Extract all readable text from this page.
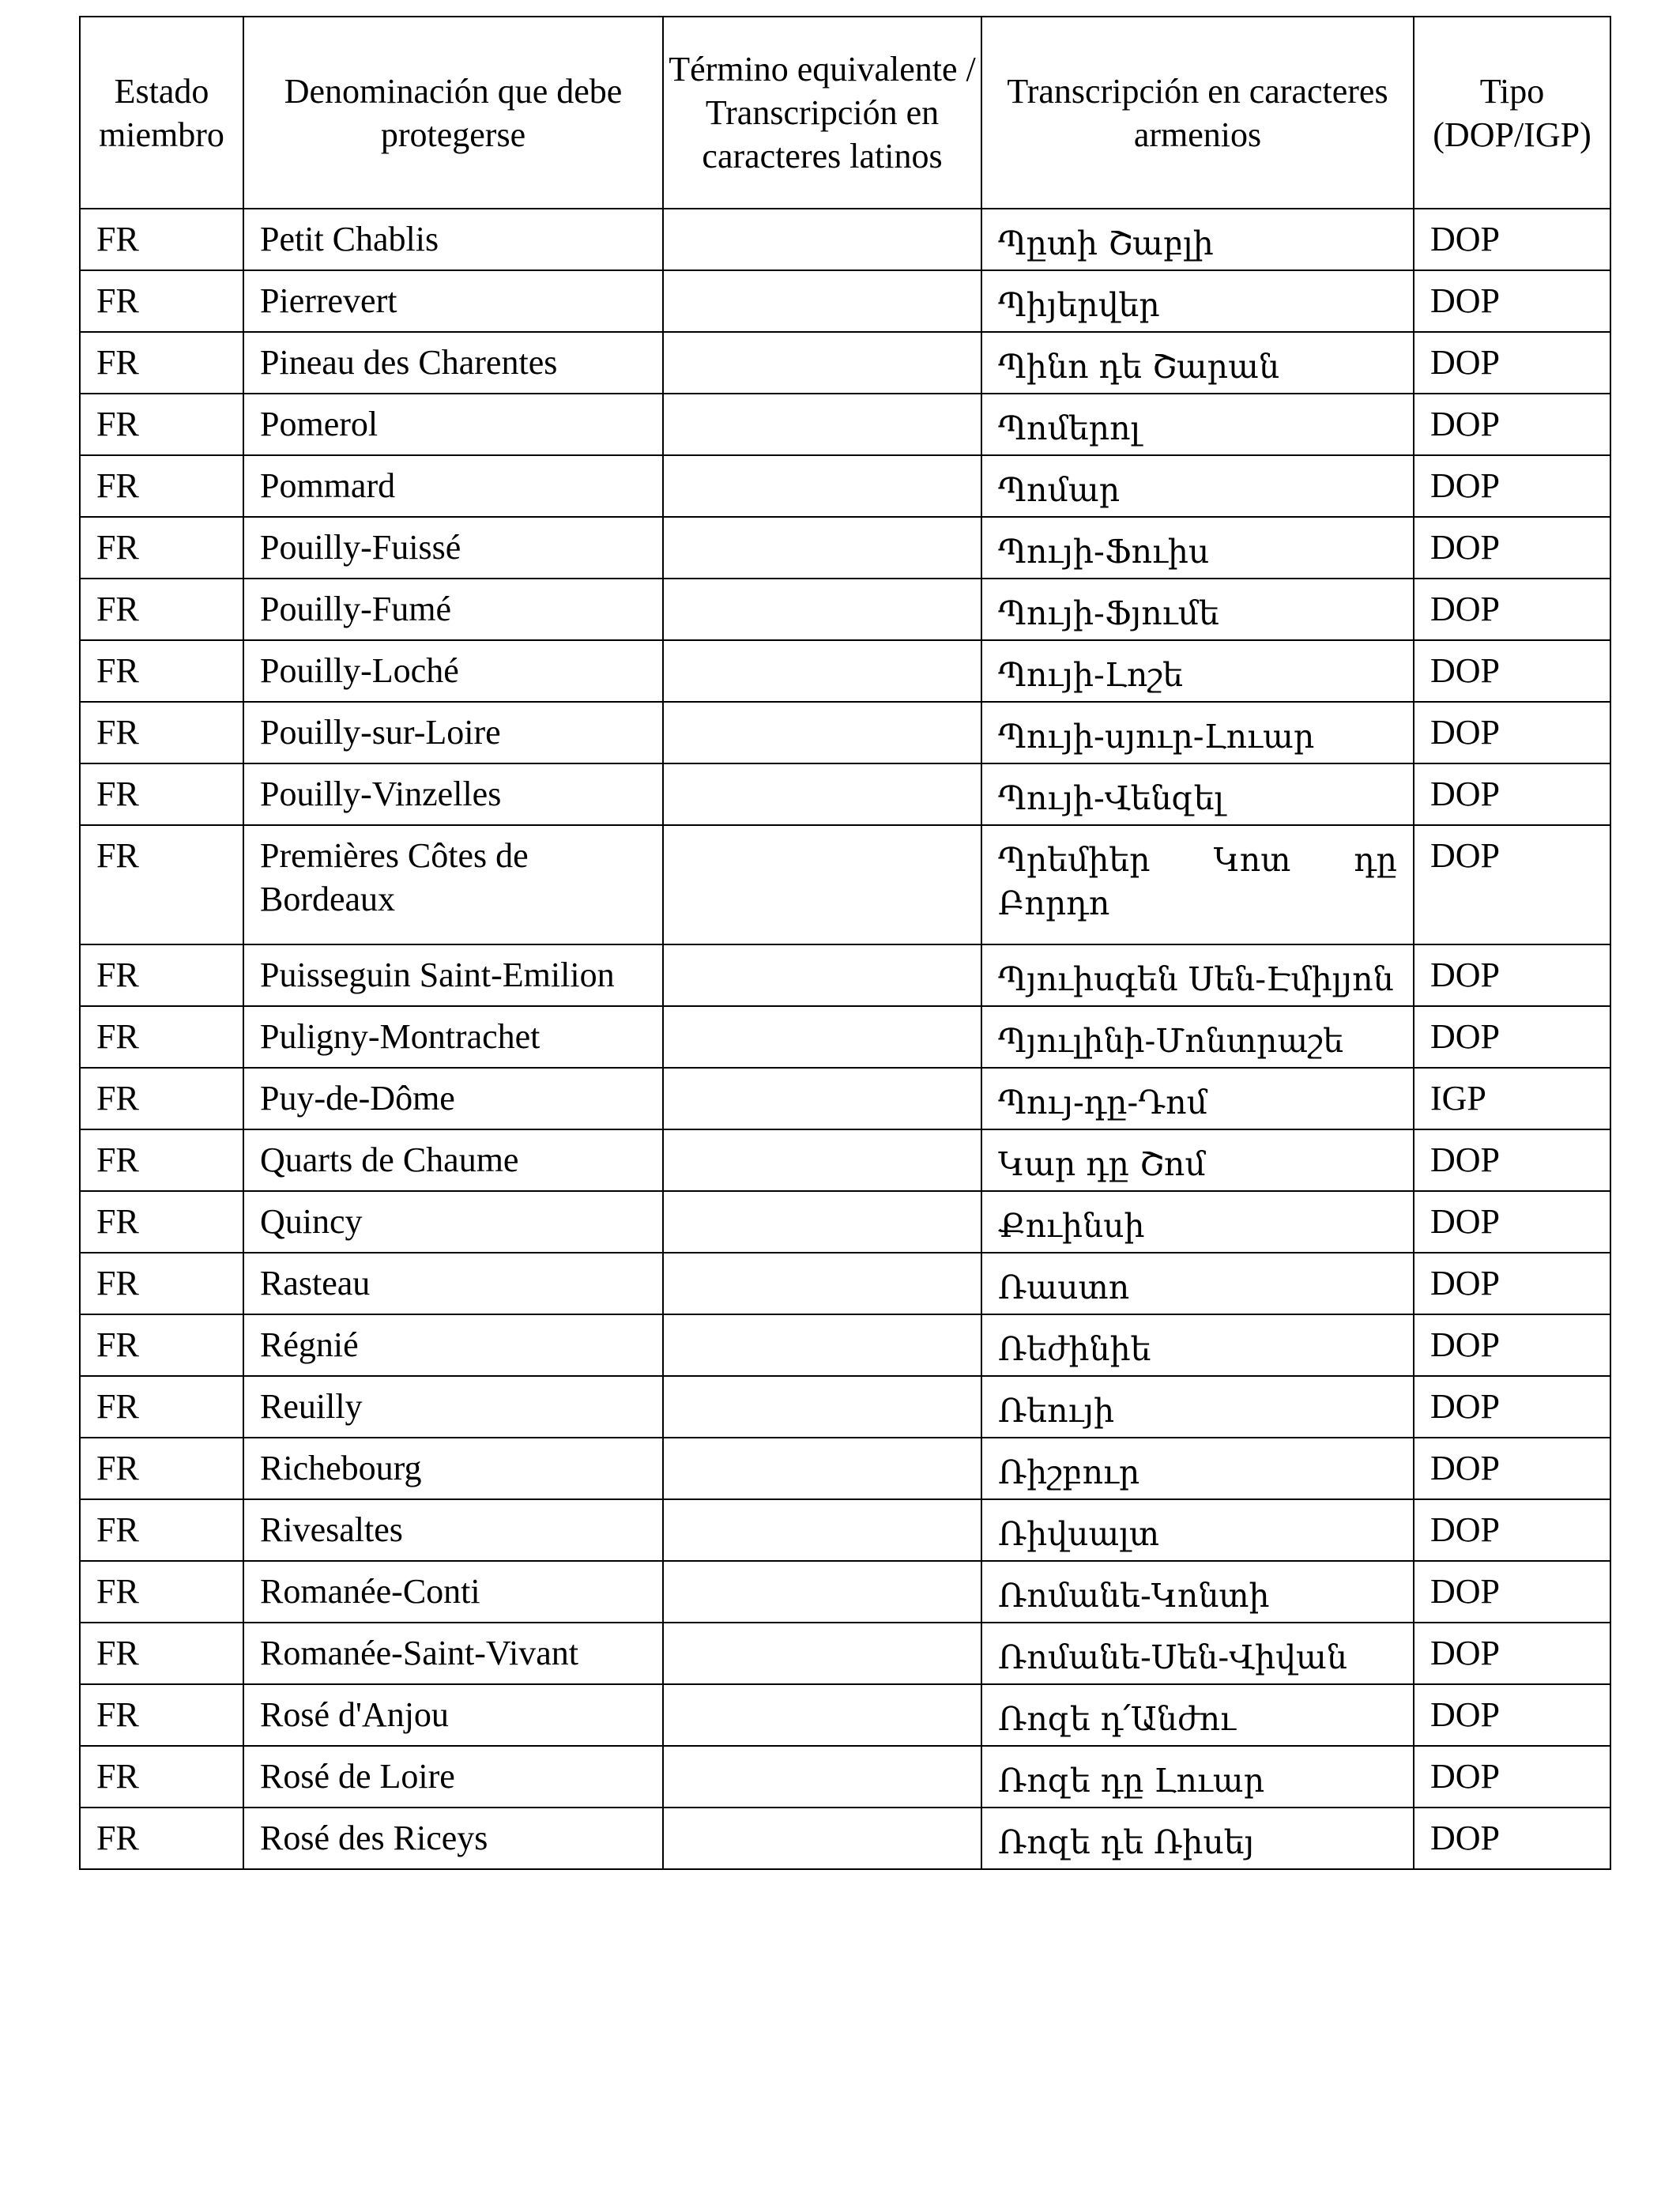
Estado miembro	Denominación que debe protegerse	Término equivalente / Transcripción en caracteres latinos	Transcripción en caracteres armenios	Tipo (DOP/IGP)
FR	Petit Chablis		Պըտի Շաբլի	DOP
FR	Pierrevert		Պիյերվեր	DOP
FR	Pineau des Charentes		Պինո դե Շարան	DOP
FR	Pomerol		Պոմերոլ	DOP
FR	Pommard		Պոմար	DOP
FR	Pouilly-Fuissé		Պույի-Ֆուիս	DOP
FR	Pouilly-Fumé		Պույի-Ֆյումե	DOP
FR	Pouilly-Loché		Պույի-Լոշե	DOP
FR	Pouilly-sur-Loire		Պույի-սյուր-Լուար	DOP
FR	Pouilly-Vinzelles		Պույի-Վենզել	DOP
FR	Premières Côtes de Bordeaux		Պրեմիեր Կոտ դը Բորդո	DOP
FR	Puisseguin Saint-Emilion		Պյուիսգեն Սեն-Էմիլյոն	DOP
FR	Puligny-Montrachet		Պյուլինի-Մոնտրաշե	DOP
FR	Puy-de-Dôme		Պույ-դը-Դոմ	IGP
FR	Quarts de Chaume		Կար դը Շոմ	DOP
FR	Quincy		Քուինսի	DOP
FR	Rasteau		Ռաստո	DOP
FR	Régnié		Ռեժինիե	DOP
FR	Reuilly		Ռեույի	DOP
FR	Richebourg		Ռիշբուր	DOP
FR	Rivesaltes		Ռիվսալտ	DOP
FR	Romanée-Conti		Ռոմանե-Կոնտի	DOP
FR	Romanée-Saint-Vivant		Ռոմանե-Սեն-Վիվան	DOP
FR	Rosé d'Anjou		Ռոզե դ՛Անժու	DOP
FR	Rosé de Loire		Ռոզե դը Լուար	DOP
FR	Rosé des Riceys		Ռոզե դե Ռիսեյ	DOP
